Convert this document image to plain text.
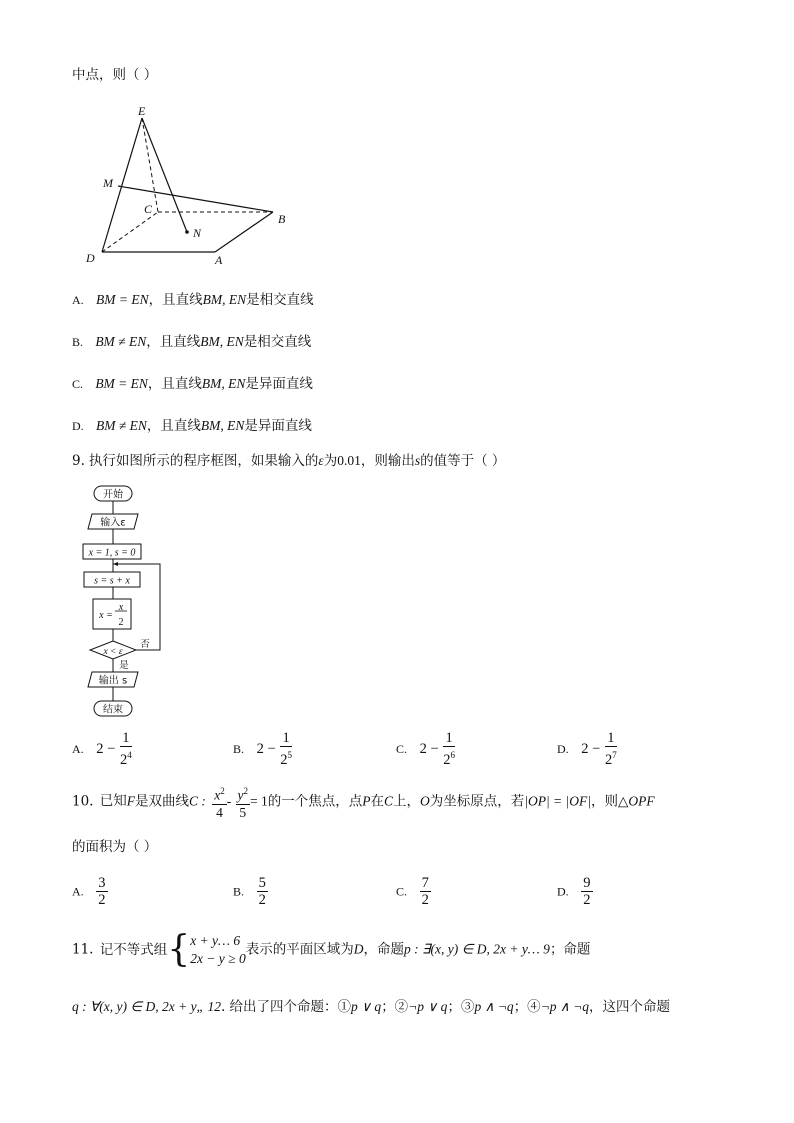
中点，则（ ）
E
M
C
B
N
D	A
A. BM = EN，且直线BM, EN是相交直线
B. BM ≠ EN，且直线BM, EN是相交直线
C. BM = EN，且直线BM, EN是异面直线
D. BM ≠ EN，且直线BM, EN是异面直线
9. 执行如图所示的程序框图，如果输入的ε为0.01，则输出s的值等于（ ）
开始
输入ε
x = 1, s = 0
s = s + x
x =
x
2
x < ε
否
是
输出 s
结束
A. $2 - \frac{1}{2^4}$	B. $2 - \frac{1}{2^5}$	C. $2 - \frac{1}{2^6}$	D. $2 - \frac{1}{2^7}$
10. 已知F是双曲线C : $\frac{x^2}{4} - \frac{y^2}{5} = 1$的一个焦点，点P在C上，O为坐标原点，若|OP| = |OF|，则△OPF
的面积为（ ）
A. $\frac{3}{2}$	B. $\frac{5}{2}$	C. $\frac{7}{2}$	D. $\frac{9}{2}$
11. 记不等式组{ x + y… 6
2x − y ≥ 0
表示的平面区域为D，命题p : ∃(x, y) ∈ D, 2x + y… 9；命题
q : ∀(x, y) ∈ D, 2x + y„ 12. 给出了四个命题：①p ∨ q；②¬p ∨ q；③p ∧ ¬q；④¬p ∧ ¬q，这四个命题
